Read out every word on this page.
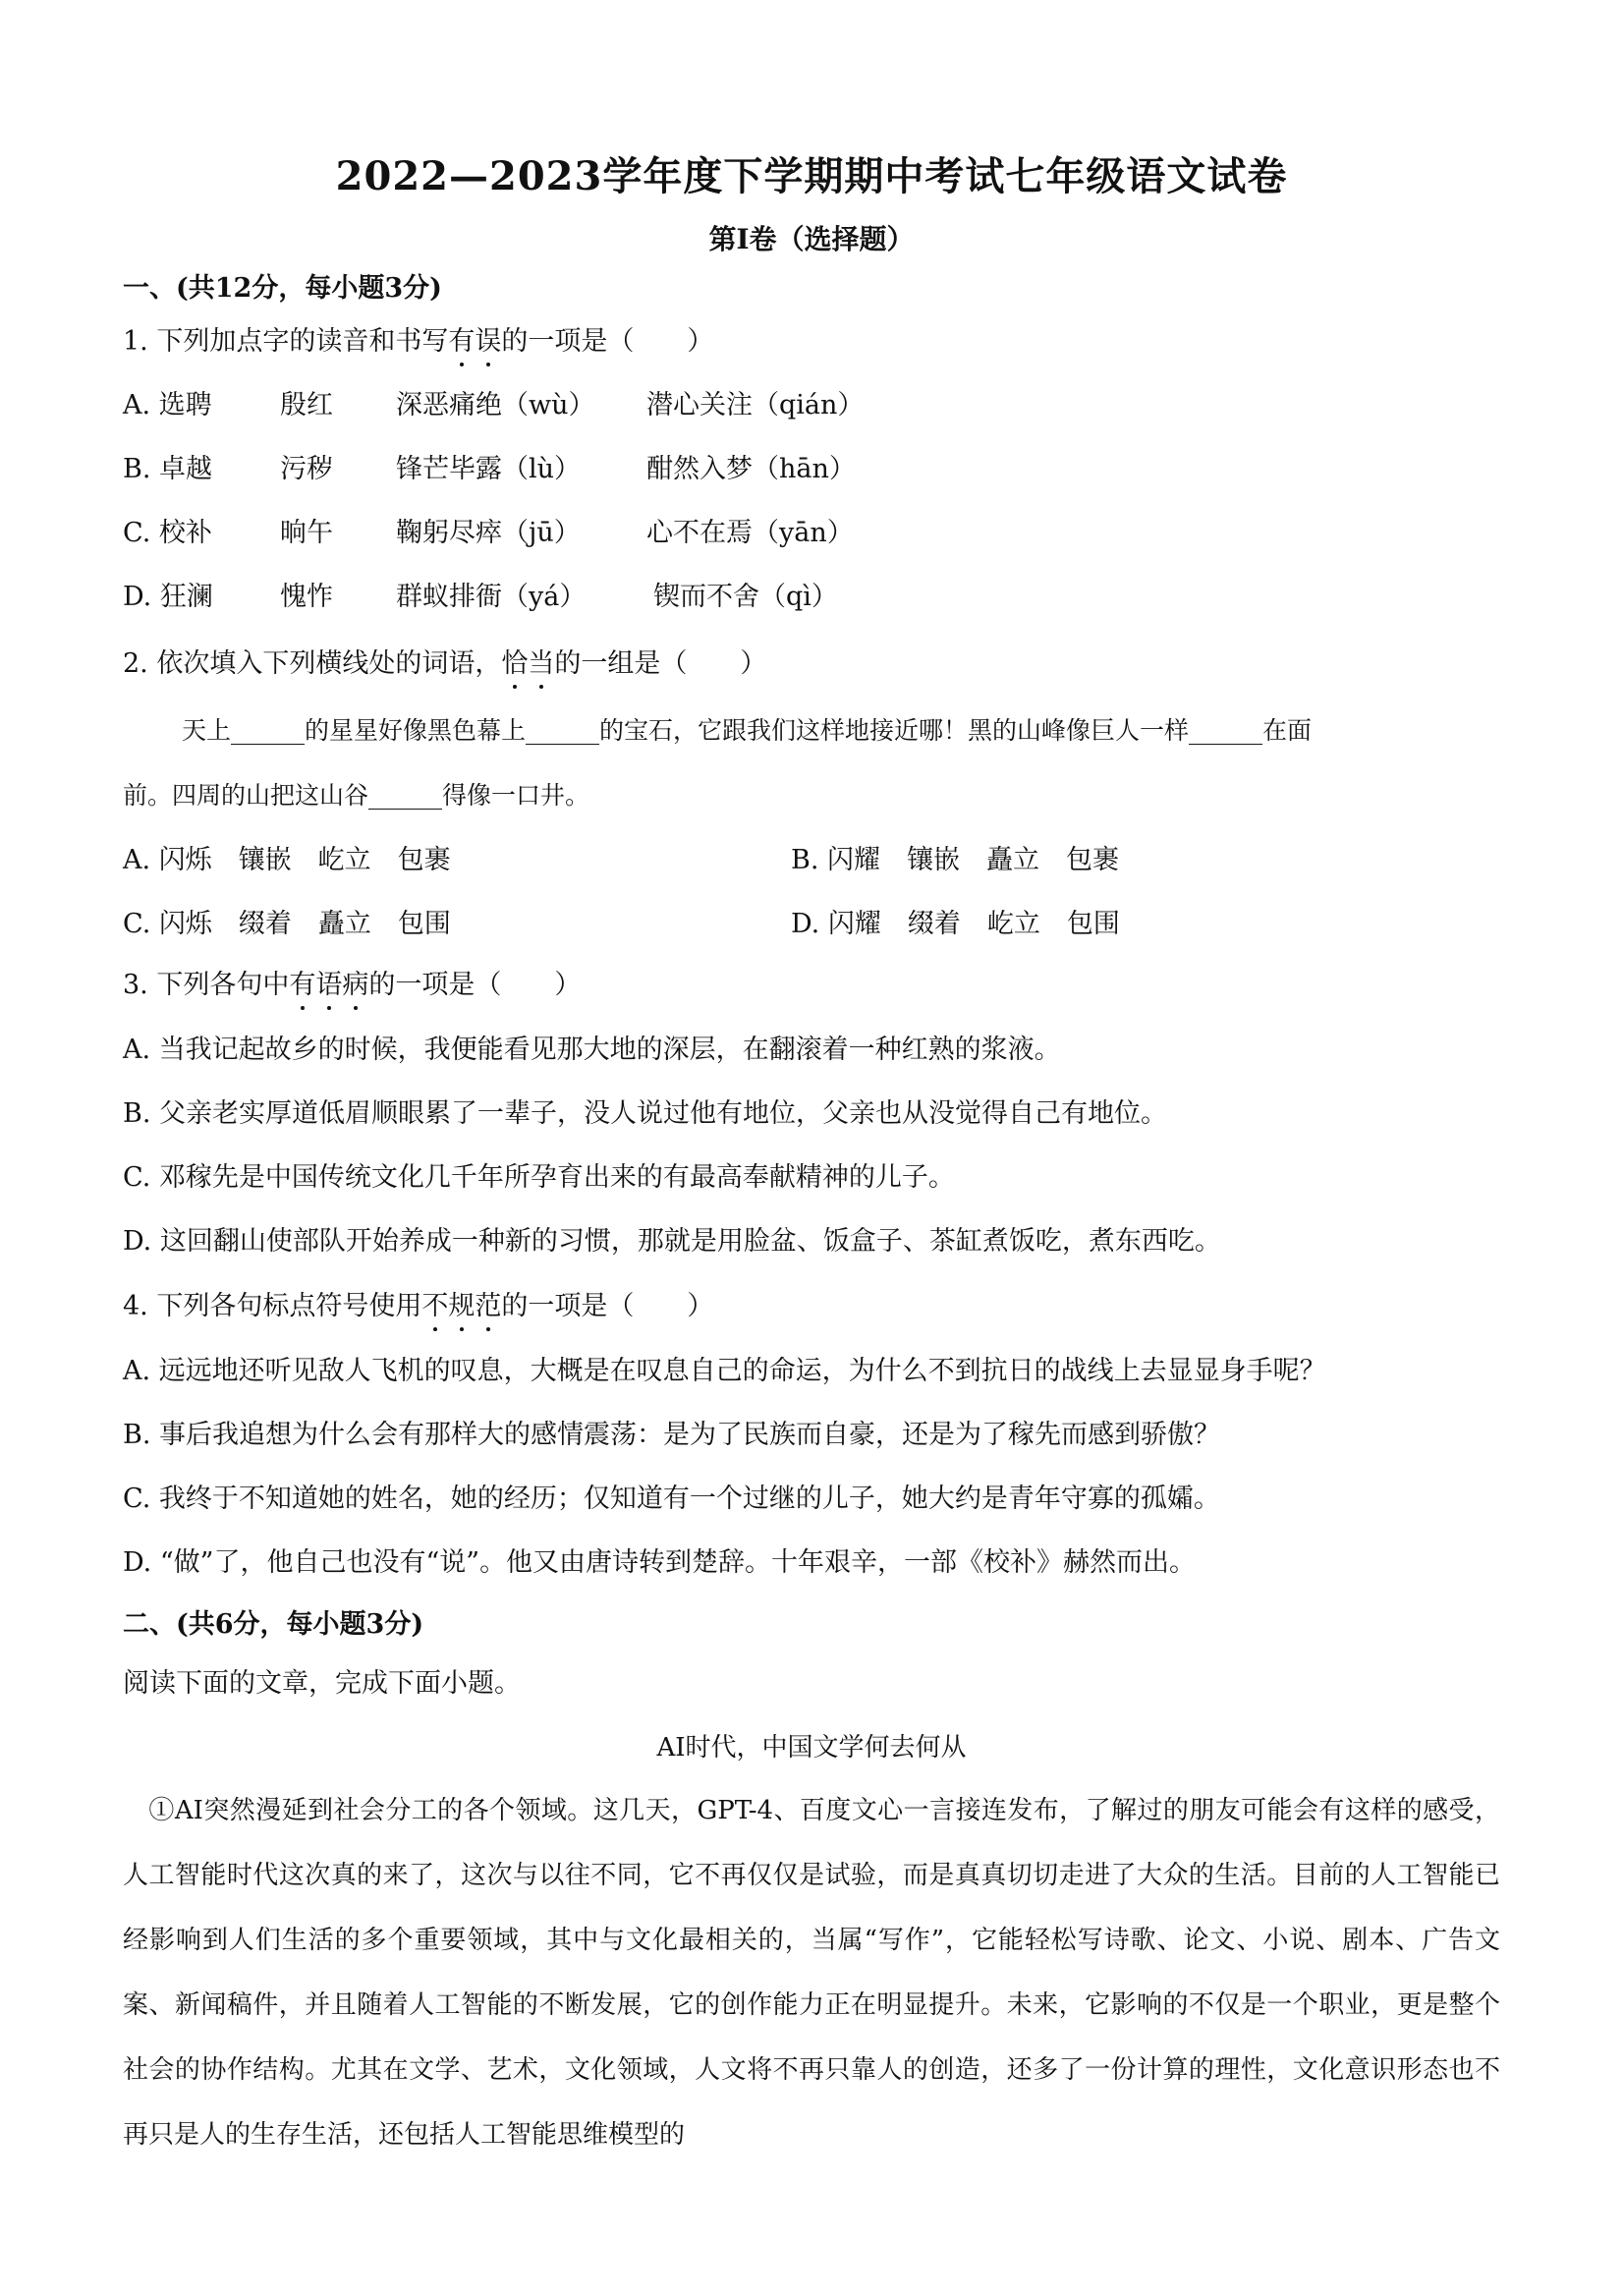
2022—2023学年度下学期期中考试七年级语文试卷
第Ⅰ卷（选择题）
一、(共12分，每小题3分)
1. 下列加点字的读音和书写有误的一项是（　　）
A. 选聘	殷红 深恶痛绝（wù） 潜心关注（qián）
B. 卓越	污秽 锋芒毕露（lù） 酣然入梦（hān）
C. 校补	晌午 鞠躬尽瘁（jū） 心不在焉（yān）
D. 狂澜	愧怍 群蚁排衙（yá）	锲而不舍（qì）
2. 依次填入下列横线处的词语，恰当的一组是（　　）
天上______的星星好像黑色幕上______的宝石，它跟我们这样地接近哪！黑的山峰像巨人一样______在面
前。四周的山把这山谷______得像一口井。
A. 闪烁　镶嵌　屹立　包裹	B. 闪耀　镶嵌　矗立　包裹
C. 闪烁　缀着　矗立　包围	D. 闪耀　缀着　屹立　包围
3. 下列各句中有语病的一项是（　　）
A. 当我记起故乡的时候，我便能看见那大地的深层，在翻滚着一种红熟的浆液。
B. 父亲老实厚道低眉顺眼累了一辈子，没人说过他有地位，父亲也从没觉得自己有地位。
C. 邓稼先是中国传统文化几千年所孕育出来的有最高奉献精神的儿子。
D. 这回翻山使部队开始养成一种新的习惯，那就是用脸盆、饭盒子、茶缸煮饭吃，煮东西吃。
4. 下列各句标点符号使用不规范的一项是（　　）
A. 远远地还听见敌人飞机的叹息，大概是在叹息自己的命运，为什么不到抗日的战线上去显显身手呢？
B. 事后我追想为什么会有那样大的感情震荡：是为了民族而自豪，还是为了稼先而感到骄傲？
C. 我终于不知道她的姓名，她的经历；仅知道有一个过继的儿子，她大约是青年守寡的孤孀。
D. “做”了，他自己也没有“说”。他又由唐诗转到楚辞。十年艰辛，一部《校补》赫然而出。
二、(共6分，每小题3分)
阅读下面的文章，完成下面小题。
AI时代，中国文学何去何从
　①AI突然漫延到社会分工的各个领域。这几天，GPT-4、百度文心一言接连发布，了解过的朋友可能会有这样的感受，人工智能时代这次真的来了，这次与以往不同，它不再仅仅是试验，而是真真切切走进了大众的生活。目前的人工智能已经影响到人们生活的多个重要领域，其中与文化最相关的，当属“写作”，它能轻松写诗歌、论文、小说、剧本、广告文案、新闻稿件，并且随着人工智能的不断发展，它的创作能力正在明显提升。未来，它影响的不仅是一个职业，更是整个社会的协作结构。尤其在文学、艺术，文化领域，人文将不再只靠人的创造，还多了一份计算的理性，文化意识形态也不再只是人的生存生活，还包括人工智能思维模型的
